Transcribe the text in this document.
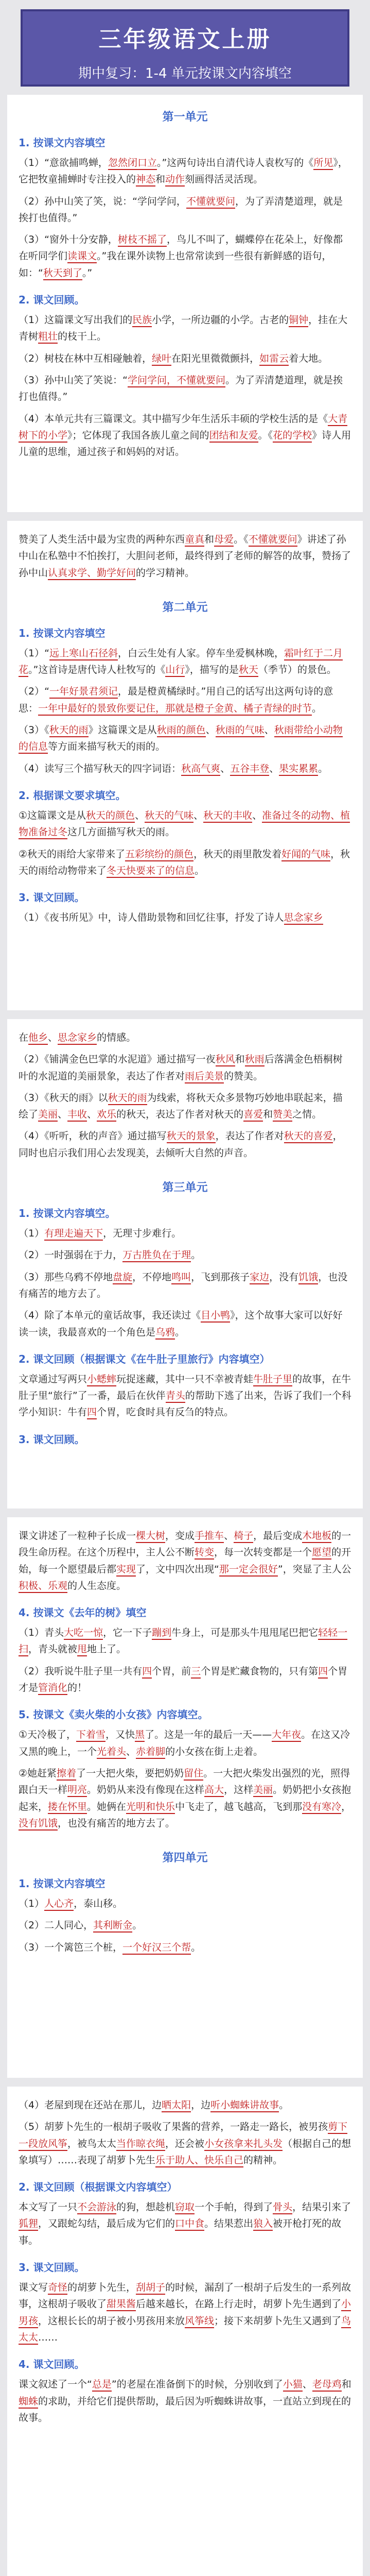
三年级语文上册
期中复习：1-4 单元按课文内容填空
第一单元
1. 按课文内容填空

（1）“意欲捕鸣蝉，忽然闭口立。”这两句诗出自清代诗人袁枚写的《所见》，它把牧童捕蝉时专注投入的神态和动作刻画得活灵活现。

（2）孙中山笑了笑，说：“学问学问，不懂就要问，为了弄清楚道理，就是挨打也值得。”

（3）“窗外十分安静，树枝不摇了，鸟儿不叫了，蝴蝶停在花朵上，好像都在听同学们读课文。”我在课外读物上也常常读到一些很有新鲜感的语句，如：“秋天到了。”

2. 课文回顾。

（1）这篇课文写出我们的民族小学，一所边疆的小学。古老的铜钟，挂在大青树粗壮的枝干上。

（2）树枝在林中互相碰触着，绿叶在阳光里微微颤抖，如雷云着大地。

（3）孙中山笑了笑说：“学问学问，不懂就要问。为了弄清楚道理，就是挨打也值得。”

（4）本单元共有三篇课文。其中描写少年生活乐丰硕的学校生活的是《大青树下的小学》；它体现了我国各族儿童之间的团结和友爱。《花的学校》诗人用儿童的思维，通过孩子和妈妈的对话。

赞美了人类生活中最为宝贵的两种东西童真和母爱。《不懂就要问》讲述了孙中山在私塾中不怕挨打，大胆问老师，最终得到了老师的解答的故事，赞扬了孙中山认真求学、勤学好问的学习精神。

第二单元
1. 按课文内容填空

（1）“远上寒山石径斜，白云生处有人家。停车坐爱枫林晚，霜叶红于二月花。”这首诗是唐代诗人杜牧写的《山行》，描写的是秋天（季节）的景色。

（2）“一年好景君须记，最是橙黄橘绿时。”用自己的话写出这两句诗的意思：一年中最好的景致你要记住，那就是橙子金黄、橘子青绿的时节。

（3）《秋天的雨》这篇课文是从秋雨的颜色、秋雨的气味、秋雨带给小动物的信息等方面来描写秋天的雨的。

（4）读写三个描写秋天的四字词语：秋高气爽、五谷丰登、果实累累。

2. 根据课文要求填空。

①这篇课文是从秋天的颜色、秋天的气味、秋天的丰收、准备过冬的动物、植物准备过冬这几方面描写秋天的雨。

②秋天的雨给大家带来了五彩缤纷的颜色，秋天的雨里散发着好闻的气味，秋天的雨给动物带来了冬天快要来了的信息。

3. 课文回顾。

（1）《夜书所见》中，诗人借助景物和回忆往事，抒发了诗人思念家乡

在他乡、思念家乡的情感。

（2）《铺满金色巴掌的水泥道》通过描写一夜秋风和秋雨后落满金色梧桐树叶的水泥道的美丽景象，表达了作者对雨后美景的赞美。

（3）《秋天的雨》以秋天的雨为线索，将秋天众多景物巧妙地串联起来，描绘了美丽、丰收、欢乐的秋天，表达了作者对秋天的喜爱和赞美之情。

（4）《听听，秋的声音》通过描写秋天的景象，表达了作者对秋天的喜爱，同时也启示我们用心去发现美，去倾听大自然的声音。

第三单元
1. 按课文内容填空。

（1）有理走遍天下，无理寸步难行。

（2）一时强弱在于力，万古胜负在于理。

（3）那些乌鸦不停地盘旋，不停地鸣叫，飞到那孩子家边，没有饥饿，也没有痛苦的地方去了。

（4）除了本单元的童话故事，我还读过《目小鸭》，这个故事大家可以好好读一读，我最喜欢的一个角色是乌鸦。

2. 课文回顾（根据课文《在牛肚子里旅行》内容填空）

文章通过写两只小蟋蟀玩捉迷藏，其中一只不幸被青蛙牛肚子里的故事，在牛肚子里“旅行”了一番，最后在伙伴青头的帮助下逃了出来，告诉了我们一个科学小知识：牛有四个胃，吃食时具有反刍的特点。

3. 课文回顾。

课文讲述了一粒种子长成一棵大树，变成手推车、椅子，最后变成木地板的一段生命历程。在这个历程中，主人公不断转变，每一次转变都是一个愿望的开始，每一个愿望最后都实现了，文中四次出现“那一定会很好”，突显了主人公积极、乐观的人生态度。

4. 按课文《去年的树》填空

（1）青头大吃一惊，它一下子蹦到牛身上，可是那头牛甩甩尾巴把它轻轻一扫，青头就被甩地上了。

（2）我听说牛肚子里一共有四个胃，前三个胃是贮藏食物的，只有第四个胃才是管消化的！

5. 按课文《卖火柴的小女孩》内容填空。

①天冷极了，下着雪，又快黑了。这是一年的最后一天——大年夜。在这又冷又黑的晚上，一个光着头、赤着脚的小女孩在街上走着。

②她赶紧擦着了一大把火柴，要把奶奶留住。一大把火柴发出强烈的光，照得跟白天一样明亮。奶奶从来没有像现在这样高大，这样美丽。奶奶把小女孩抱起来，搂在怀里。她俩在光明和快乐中飞走了，越飞越高，飞到那没有寒冷，没有饥饿，也没有痛苦的地方去了。

第四单元
1. 按课文内容填空

（1）人心齐，泰山移。

（2）二人同心，其利断金。

（3）一个篱笆三个桩，一个好汉三个帮。

（4）老屋到现在还站在那儿，边晒太阳，边听小蜘蛛讲故事。

（5）胡萝卜先生的一根胡子吸收了果酱的营养，一路走一路长，被男孩剪下一段放风筝，被鸟太太当作晾衣绳，还会被小女孩拿来扎头发（根据自己的想象填写）……表现了胡萝卜先生乐于助人、快乐自己的精神。

2. 课文回顾（根据课文内容填空）

本文写了一只不会游泳的狗，想趁机窃取一个手帕，得到了骨头，结果引来了狐狸，又跟蛇勾结，最后成为它们的口中食。结果惹出狼入被开枪打死的故事。

3. 课文回顾。

课文写奇怪的胡萝卜先生，刮胡子的时候，漏刮了一根胡子后发生的一系列故事，这根胡子吸收了甜果酱后越来越长，在路上行走时，胡萝卜先生遇到了小男孩，这根长长的胡子被小男孩用来放风筝线；接下来胡萝卜先生又遇到了鸟太太……

4. 课文回顾。

课文叙述了一个“总是”的老屋在准备倒下的时候，分别收到了小猫、老母鸡和蜘蛛的求助，并给它们提供帮助，最后因为听蜘蛛讲故事，一直站立到现在的故事。
